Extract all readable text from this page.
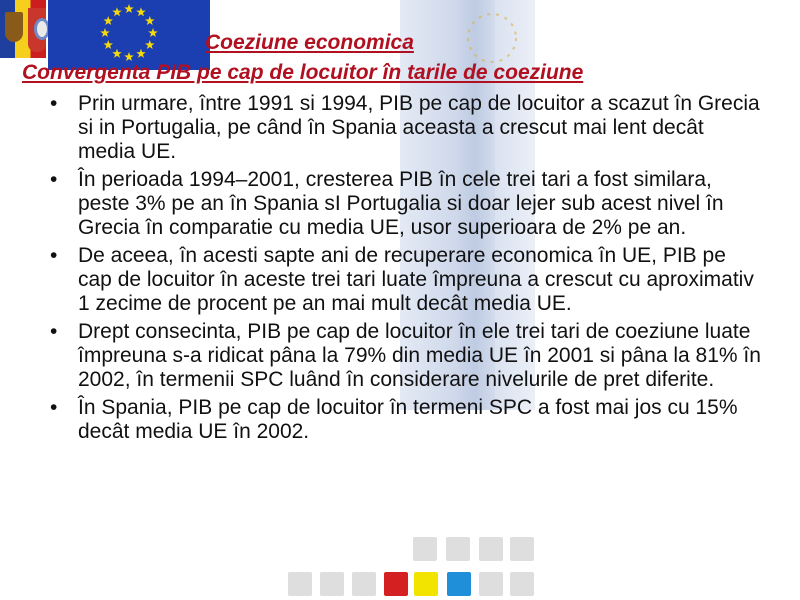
Coeziune economica
Convergenta PIB pe cap de locuitor în tarile de coeziune
• Prin urmare, între 1991 si 1994, PIB pe cap de locuitor a scazut în Grecia si in Portugalia, pe când în Spania aceasta a crescut mai lent decât media UE.
• În perioada 1994–2001, cresterea PIB în cele trei tari a fost similara, peste 3% pe an în Spania sI Portugalia si doar lejer sub acest nivel în Grecia în comparatie cu media UE, usor superioara de 2% pe an.
• De aceea, în acesti sapte ani de recuperare economica în UE, PIB pe cap de locuitor în aceste trei tari luate împreuna a crescut cu aproximativ 1 zecime de procent pe an mai mult decât media UE.
• Drept consecinta, PIB pe cap de locuitor în ele trei tari de coeziune luate împreuna s-a ridicat pâna la 79% din media UE în 2001 si pâna la 81% în 2002, în termenii SPC luând în considerare nivelurile de pret diferite.
• În Spania, PIB pe cap de locuitor în termeni SPC a fost mai jos cu 15% decât media UE în 2002.
